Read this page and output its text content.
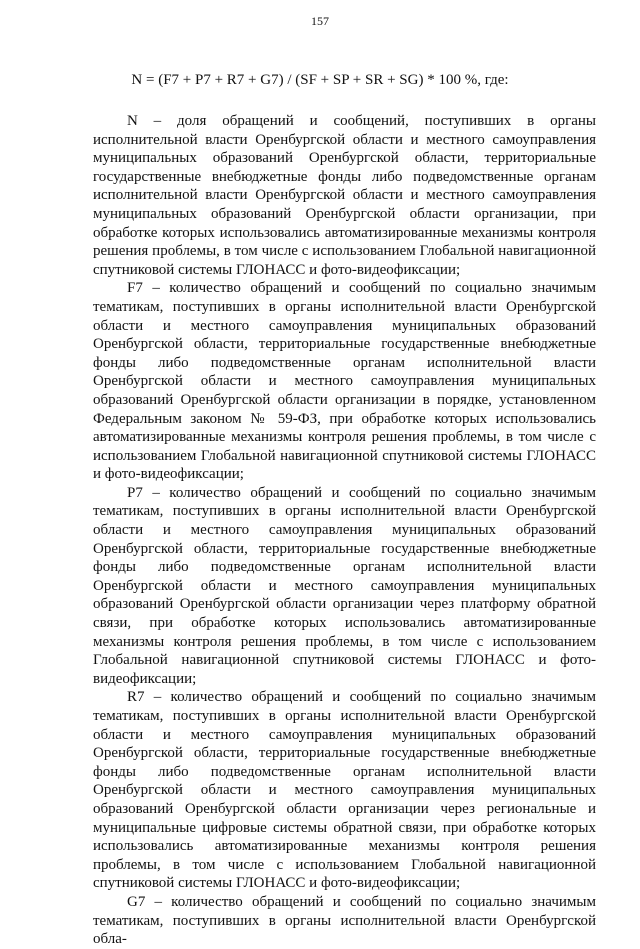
157
N = (F7 + P7 + R7 + G7) / (SF + SP + SR + SG) * 100 %, где:

N – доля обращений и сообщений, поступивших в органы исполнительной власти Оренбургской области и местного самоуправления муниципальных образований Оренбургской области, территориальные государственные внебюджетные фонды либо подведомственные органам исполнительной власти Оренбургской области и местного самоуправления муниципальных образований Оренбургской области организации, при обработке которых использовались автоматизированные механизмы контроля решения проблемы, в том числе с использованием Глобальной навигационной спутниковой системы ГЛОНАСС и фото-видеофиксации;

F7 – количество обращений и сообщений по социально значимым тематикам, поступивших в органы исполнительной власти Оренбургской области и местного самоуправления муниципальных образований Оренбургской области, территориальные государственные внебюджетные фонды либо подведомственные органам исполнительной власти Оренбургской области и местного самоуправления муниципальных образований Оренбургской области организации в порядке, установленном Федеральным законом № 59-ФЗ, при обработке которых использовались автоматизированные механизмы контроля решения проблемы, в том числе с использованием Глобальной навигационной спутниковой системы ГЛОНАСС и фото-видеофиксации;

P7 – количество обращений и сообщений по социально значимым тематикам, поступивших в органы исполнительной власти Оренбургской области и местного самоуправления муниципальных образований Оренбургской области, территориальные государственные внебюджетные фонды либо подведомственные органам исполнительной власти Оренбургской области и местного самоуправления муниципальных образований Оренбургской области организации через платформу обратной связи, при обработке которых использовались автоматизированные механизмы контроля решения проблемы, в том числе с использованием Глобальной навигационной спутниковой системы ГЛОНАСС и фото-видеофиксации;

R7 – количество обращений и сообщений по социально значимым тематикам, поступивших в органы исполнительной власти Оренбургской области и местного самоуправления муниципальных образований Оренбургской области, территориальные государственные внебюджетные фонды либо подведомственные органам исполнительной власти Оренбургской области и местного самоуправления муниципальных образований Оренбургской области организации через региональные и муниципальные цифровые системы обратной связи, при обработке которых использовались автоматизированные механизмы контроля решения проблемы, в том числе с использованием Глобальной навигационной спутниковой системы ГЛОНАСС и фото-видеофиксации;

G7 – количество обращений и сообщений по социально значимым тематикам, поступивших в органы исполнительной власти Оренбургской обла-
